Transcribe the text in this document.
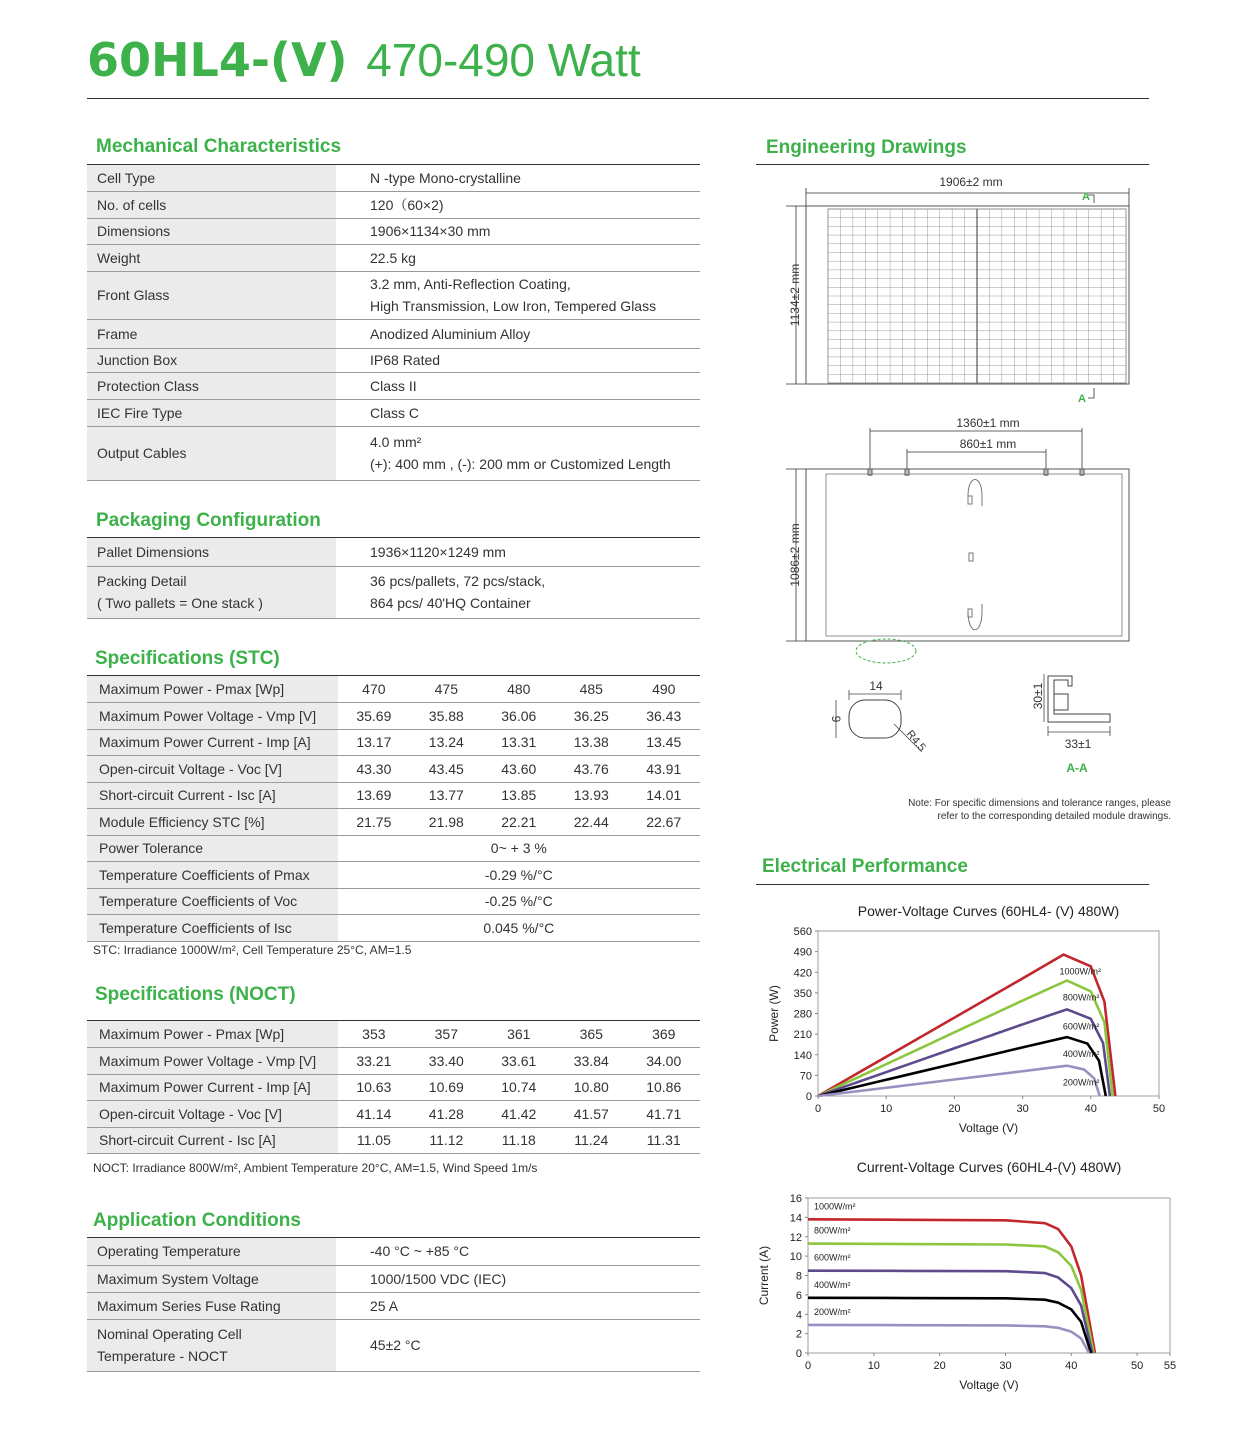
60HL4-(V) 470-490 Watt
Mechanical Characteristics
Cell Type	N -type Mono-crystalline

No. of cells	120（60×2)

Dimensions	1906×1134×30 mm

Weight	22.5 kg

Front Glass	3.2 mm, Anti-Reflection Coating,
High Transmission, Low Iron, Tempered Glass

Frame	Anodized Aluminium Alloy

Junction Box	IP68 Rated

Protection Class	Class II

IEC Fire Type	Class C

Output Cables	4.0 mm²
(+): 400 mm , (-): 200 mm or Customized Length
Packaging Configuration
Pallet Dimensions	1936×1120×1249 mm

Packing Detail
( Two pallets = One stack )	36 pcs/pallets, 72 pcs/stack,
864 pcs/ 40'HQ Container
Specifications (STC)
Maximum Power - Pmax [Wp]	470	475	480	485	490
Maximum Power Voltage - Vmp [V]	35.69	35.88	36.06	36.25	36.43
Maximum Power Current - Imp [A]	13.17	13.24	13.31	13.38	13.45
Open-circuit Voltage - Voc [V]	43.30	43.45	43.60	43.76	43.91
Short-circuit Current - Isc [A]	13.69	13.77	13.85	13.93	14.01
Module Efficiency STC [%]	21.75	21.98	22.21	22.44	22.67
Power Tolerance	0~ + 3 %				
Temperature Coefficients of Pmax	-0.29 %/°C				
Temperature Coefficients of Voc	-0.25 %/°C				
Temperature Coefficients of Isc	0.045 %/°C				
STC: Irradiance 1000W/m², Cell Temperature 25°C, AM=1.5
Specifications (NOCT)
Maximum Power - Pmax [Wp]	353	357	361	365	369
Maximum Power Voltage - Vmp [V]	33.21	33.40	33.61	33.84	34.00
Maximum Power Current - Imp [A]	10.63	10.69	10.74	10.80	10.86
Open-circuit Voltage - Voc [V]	41.14	41.28	41.42	41.57	41.71
Short-circuit Current - Isc [A]	11.05	11.12	11.18	11.24	11.31
NOCT: Irradiance 800W/m², Ambient Temperature 20°C, AM=1.5, Wind Speed 1m/s
Application Conditions
Operating Temperature	-40 °C ~ +85 °C

Maximum System Voltage	1000/1500 VDC (IEC)

Maximum Series Fuse Rating	25 A

Nominal Operating Cell
Temperature - NOCT	45±2 °C
Engineering Drawings
1906±2 mm
1134±2 mm
A
A
1360±1 mm
860±1 mm
1086±2 mm
14
9
R4.5
30±1
33±1
A-A
Note: For specific dimensions and tolerance ranges, please
refer to the corresponding detailed module drawings.
Electrical Performance
Power-Voltage Curves (60HL4- (V) 480W)
0	10	20	30	40	50
0
70
140
210
280
350
420
490
560
Voltage (V)
Power (W)
1000W/m²
800W/m²
600W/m²
400W/m²
200W/m²
Current-Voltage Curves (60HL4-(V) 480W)
0	10	20	30	40	50 55
0
2
4
6
8
10
12
14
16
Voltage (V)
Current (A)
1000W/m²
800W/m²
600W/m²
400W/m²
200W/m²
